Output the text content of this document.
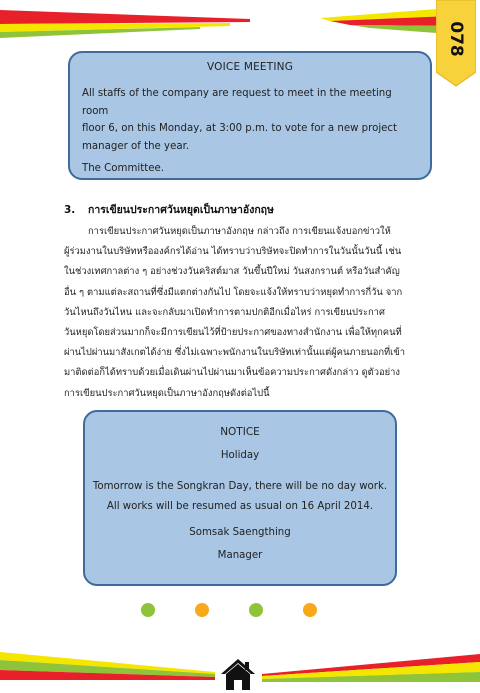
078
VOICE MEETING
All staffs of the company are request to meet in the meeting room
floor 6, on this Monday, at 3:00 p.m. to vote for a new project
manager of the year.
The Committee.
3. การเขียนประกาศวันหยุดเป็นภาษาอังกฤษ
การเขียนประกาศวันหยุดเป็นภาษาอังกฤษ กล่าวถึง การเขียนแจ้งบอกข่าวให้
ผู้ร่วมงานในบริษัทหรือองค์กรได้อ่าน ได้ทราบว่าบริษัทจะปิดทำการในวันนั้นวันนี้ เช่น
ในช่วงเทศกาลต่าง ๆ อย่างช่วงวันคริสต์มาส วันขึ้นปีใหม่ วันสงกรานต์ หรือวันสำคัญ
อื่น ๆ ตามแต่ละสถานที่ซึ่งมีแตกต่างกันไป โดยจะแจ้งให้ทราบว่าหยุดทำการกี่วัน จาก
วันไหนถึงวันไหน และจะกลับมาเปิดทำการตามปกติอีกเมื่อไหร่ การเขียนประกาศ
วันหยุดโดยส่วนมากก็จะมีการเขียนไว้ที่ป้ายประกาศของทางสำนักงาน เพื่อให้ทุกคนที่
ผ่านไปผ่านมาสังเกตได้ง่าย ซึ่งไม่เฉพาะพนักงานในบริษัทเท่านั้นแต่ผู้คนภายนอกที่เข้า
มาติดต่อก็ได้ทราบด้วยเมื่อเดินผ่านไปผ่านมาเห็นข้อความประกาศดังกล่าว ดูตัวอย่าง
การเขียนประกาศวันหยุดเป็นภาษาอังกฤษดังต่อไปนี้
NOTICE
Holiday
Tomorrow is the Songkran Day, there will be no day work.
All works will be resumed as usual on 16 April 2014.
Somsak Saengthing
Manager
